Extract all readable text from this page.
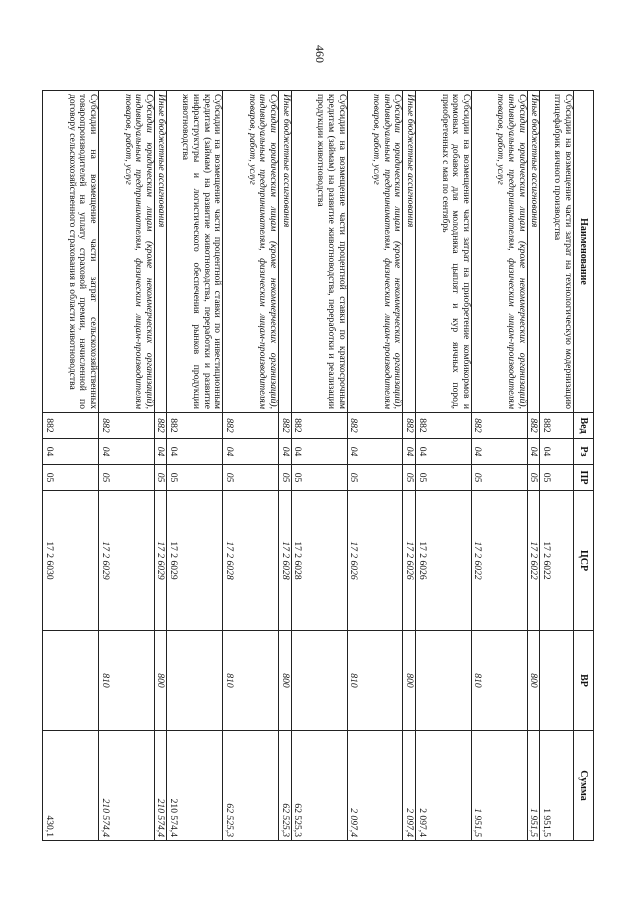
460
Наименование	Вед	Рз	ПР	ЦСР	ВР	Сумма
Субсидии на возмещение части затрат на технологическую модернизацию птицефабрик яичного производства	882	04	05	17 2 6022		1 951,5
Иные бюджетные ассигнования	882	04	05	17 2 6022	800	1 951,5
Субсидии юридическим лицам (кроме некоммерческих организаций), индивидуальным предпринимателям, физическим лицам-производителям товаров, работ, услуг	882	04	05	17 2 6022	810	1 951,5
Субсидии на возмещение части затрат на приобретение комбикормов и кормовых добавок для молодняка цыплят и кур яичных пород, приобретенных с мая по сентябрь	882	04	05	17 2 6026		2 097,4
Иные бюджетные ассигнования	882	04	05	17 2 6026	800	2 097,4
Субсидии юридическим лицам (кроме некоммерческих организаций), индивидуальным предпринимателям, физическим лицам-производителям товаров, работ, услуг	882	04	05	17 2 6026	810	2 097,4
Субсидии на возмещение части процентной ставки по краткосрочным кредитам (займам) на развитие животноводства, переработки и реализации продукции животноводства	882	04	05	17 2 6028		62 525,3
Иные бюджетные ассигнования	882	04	05	17 2 6028	800	62 525,3
Субсидии юридическим лицам (кроме некоммерческих организаций), индивидуальным предпринимателям, физическим лицам-производителям товаров, работ, услуг	882	04	05	17 2 6028	810	62 525,3
Субсидии на возмещение части процентной ставки по инвестиционным кредитам (займам) на развитие животноводства, переработки и развитие инфраструктуры и логистического обеспечения рынков продукции животноводства	882	04	05	17 2 6029		210 574,4
Иные бюджетные ассигнования	882	04	05	17 2 6029	800	210 574,4
Субсидии юридическим лицам (кроме некоммерческих организаций), индивидуальным предпринимателям, физическим лицам-производителям товаров, работ, услуг	882	04	05	17 2 6029	810	210 574,4
Субсидии на возмещение части затрат сельскохозяйственных товаропроизводителей на уплату страховой премии, начисленной по договору сельскохозяйственного страхования в области животноводства	882	04	05	17 2 6030		430,1
